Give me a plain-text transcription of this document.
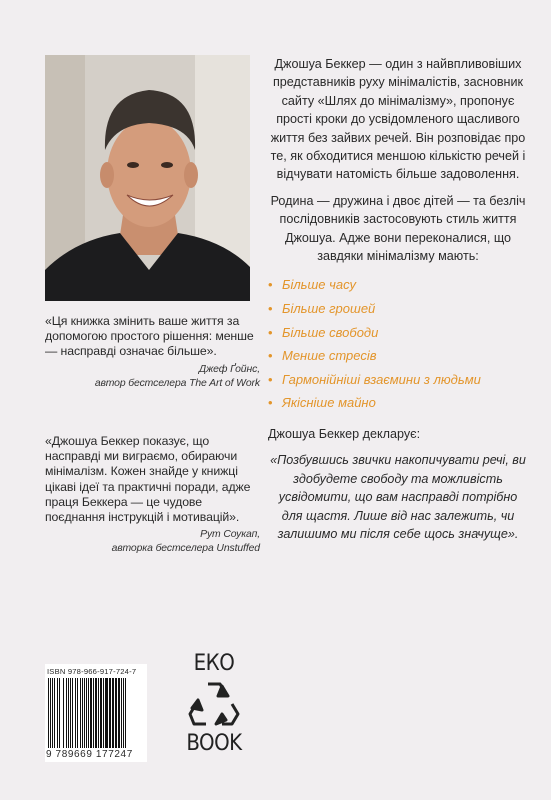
«Ця книжка змінить ваше життя за допомогою простого рішення: менше — насправді означає більше».

Джеф Ґойнс,
автор бестселера The Art of Work

«Джошуа Беккер показує, що насправді ми виграємо, обираючи мінімалізм. Кожен знайде у книжці цікаві ідеї та практичні поради, адже праця Беккера — це чудове поєднання інструкцій і мотивацій».

Рут Соукап,
авторка бестселера Unstuffed

Джошуа Беккер — один з найвпливовіших представників руху мінімалістів, засновник сайту «Шлях до мінімалізму», пропонує прості кроки до усвідомленого щасливого життя без зайвих речей. Він розповідає про те, як обходитися меншою кількістю речей і відчувати натомість більше задоволення.

Родина — дружина і двоє дітей — та безліч послідовників застосовують стиль життя Джошуа. Адже вони переконалися, що завдяки мінімалізму мають:

• Більше часу
• Більше грошей
• Більше свободи
• Менше стресів
• Гармонійніші взаємини з людьми
• Якісніше майно

Джошуа Беккер декларує:

«Позбувшись звички накопичувати речі, ви здобудете свободу та можливість усвідомити, що вам насправді потрібно для щастя. Лише від нас залежить, чи залишимо ми після себе щось значуще».

ISBN 978-966-917-724-7
9 789669 177247
ЕКО
BOOK
